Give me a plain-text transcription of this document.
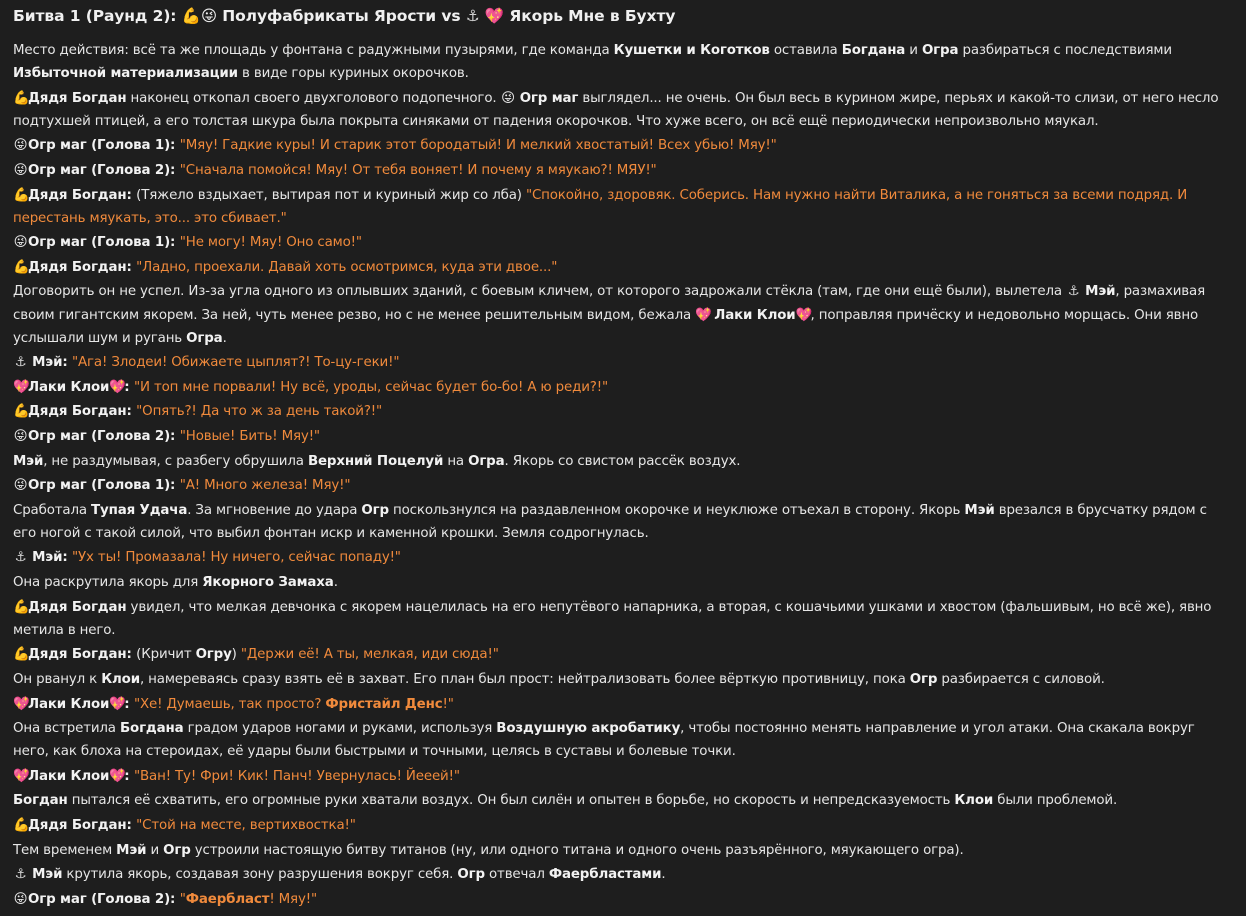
Битва 1 (Раунд 2): 💪😜 Полуфабрикаты Ярости vs ⚓ 💖 Якорь Мне в Бухту
Место действия: всё та же площадь у фонтана с радужными пузырями, где команда Кушетки и Коготков оставила Богдана и Огра разбираться с последствиями Избыточной материализации в виде горы куриных окорочков.
💪Дядя Богдан наконец откопал своего двухголового подопечного. 😜 Огр маг выглядел... не очень. Он был весь в курином жире, перьях и какой-то слизи, от него несло подтухшей птицей, а его толстая шкура была покрыта синяками от падения окорочков. Что хуже всего, он всё ещё периодически непроизвольно мяукал.
😜Огр маг (Голова 1): "Мяу! Гадкие куры! И старик этот бородатый! И мелкий хвостатый! Всех убью! Мяу!"
😜Огр маг (Голова 2): "Сначала помойся! Мяу! От тебя воняет! И почему я мяукаю?! МЯУ!"
💪Дядя Богдан: (Тяжело вздыхает, вытирая пот и куриный жир со лба) "Спокойно, здоровяк. Соберись. Нам нужно найти Виталика, а не гоняться за всеми подряд. И перестань мяукать, это... это сбивает."
😜Огр маг (Голова 1): "Не могу! Мяу! Оно само!"
💪Дядя Богдан: "Ладно, проехали. Давай хоть осмотримся, куда эти двое..."
Договорить он не успел. Из-за угла одного из оплывших зданий, с боевым кличем, от которого задрожали стёкла (там, где они ещё были), вылетела ⚓ Мэй, размахивая своим гигантским якорем. За ней, чуть менее резво, но с не менее решительным видом, бежала 💖 Лаки Клои💖, поправляя причёску и недовольно морщась. Они явно услышали шум и ругань Огра.
⚓ Мэй: "Ага! Злодеи! Обижаете цыплят?! То-цу-геки!"
💖Лаки Клои💖: "И топ мне порвали! Ну всё, уроды, сейчас будет бо-бо! А ю реди?!"
💪Дядя Богдан: "Опять?! Да что ж за день такой?!"
😜Огр маг (Голова 2): "Новые! Бить! Мяу!"
Мэй, не раздумывая, с разбегу обрушила Верхний Поцелуй на Огра. Якорь со свистом рассёк воздух.
😜Огр маг (Голова 1): "А! Много железа! Мяу!"
Сработала Тупая Удача. За мгновение до удара Огр поскользнулся на раздавленном окорочке и неуклюже отъехал в сторону. Якорь Мэй врезался в брусчатку рядом с его ногой с такой силой, что выбил фонтан искр и каменной крошки. Земля содрогнулась.
⚓ Мэй: "Ух ты! Промазала! Ну ничего, сейчас попаду!"
Она раскрутила якорь для Якорного Замаха.
💪Дядя Богдан увидел, что мелкая девчонка с якорем нацелилась на его непутёвого напарника, а вторая, с кошачьими ушками и хвостом (фальшивым, но всё же), явно метила в него.
💪Дядя Богдан: (Кричит Огру) "Держи её! А ты, мелкая, иди сюда!"
Он рванул к Клои, намереваясь сразу взять её в захват. Его план был прост: нейтрализовать более вёрткую противницу, пока Огр разбирается с силовой.
💖Лаки Клои💖: "Хе! Думаешь, так просто? Фристайл Денс!"
Она встретила Богдана градом ударов ногами и руками, используя Воздушную акробатику, чтобы постоянно менять направление и угол атаки. Она скакала вокруг него, как блоха на стероидах, её удары были быстрыми и точными, целясь в суставы и болевые точки.
💖Лаки Клои💖: "Ван! Ту! Фри! Кик! Панч! Увернулась! Йееей!"
Богдан пытался её схватить, его огромные руки хватали воздух. Он был силён и опытен в борьбе, но скорость и непредсказуемость Клои были проблемой.
💪Дядя Богдан: "Стой на месте, вертихвостка!"
Тем временем Мэй и Огр устроили настоящую битву титанов (ну, или одного титана и одного очень разъярённого, мяукающего огра).
⚓ Мэй крутила якорь, создавая зону разрушения вокруг себя. Огр отвечал Фаербластами.
😜Огр маг (Голова 2): "Фаербласт! Мяу!"
